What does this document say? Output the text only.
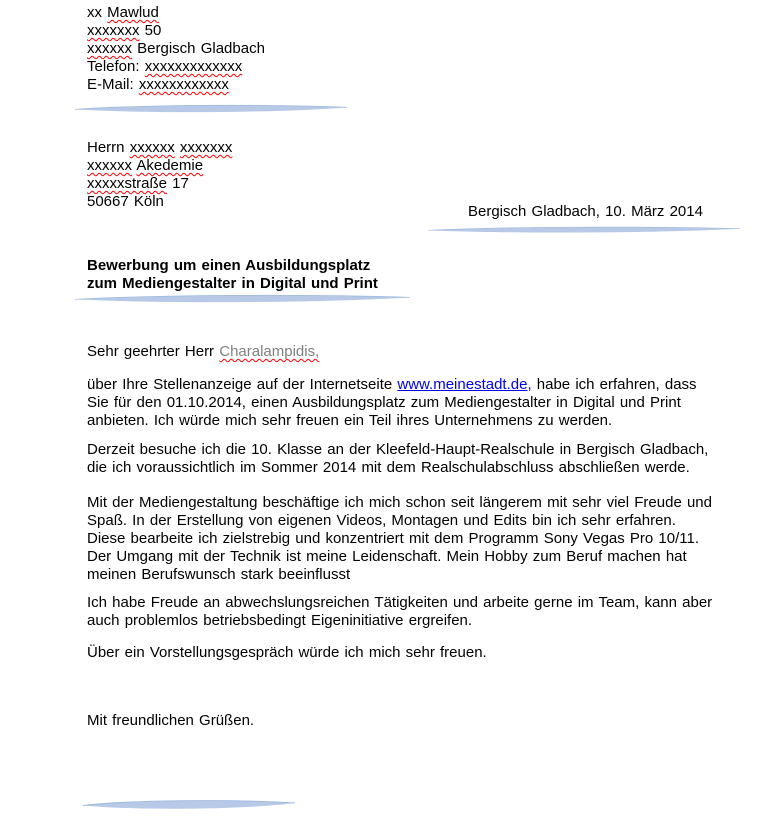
xx Mawlud
xxxxxxx 50
xxxxxx Bergisch Gladbach
Telefon: xxxxxxxxxxxxx
E-Mail: xxxxxxxxxxxx
Herrn xxxxxx xxxxxxx
xxxxxx Akedemie
xxxxxstraße 17
50667 Köln
Bergisch Gladbach, 10. März 2014
Bewerbung um einen Ausbildungsplatz
zum Mediengestalter in Digital und Print
Sehr geehrter Herr Charalampidis,
über Ihre Stellenanzeige auf der Internetseite www.meinestadt.de, habe ich erfahren, dass
Sie für den 01.10.2014, einen Ausbildungsplatz zum Mediengestalter in Digital und Print
anbieten. Ich würde mich sehr freuen ein Teil ihres Unternehmens zu werden.
Derzeit besuche ich die 10. Klasse an der Kleefeld-Haupt-Realschule in Bergisch Gladbach,
die ich voraussichtlich im Sommer 2014 mit dem Realschulabschluss abschließen werde.
Mit der Mediengestaltung beschäftige ich mich schon seit längerem mit sehr viel Freude und
Spaß. In der Erstellung von eigenen Videos, Montagen und Edits bin ich sehr erfahren.
Diese bearbeite ich zielstrebig und konzentriert mit dem Programm Sony Vegas Pro 10/11.
Der Umgang mit der Technik ist meine Leidenschaft. Mein Hobby zum Beruf machen hat
meinen Berufswunsch stark beeinflusst
Ich habe Freude an abwechslungsreichen Tätigkeiten und arbeite gerne im Team, kann aber
auch problemlos betriebsbedingt Eigeninitiative ergreifen.
Über ein Vorstellungsgespräch würde ich mich sehr freuen.
Mit freundlichen Grüßen.
